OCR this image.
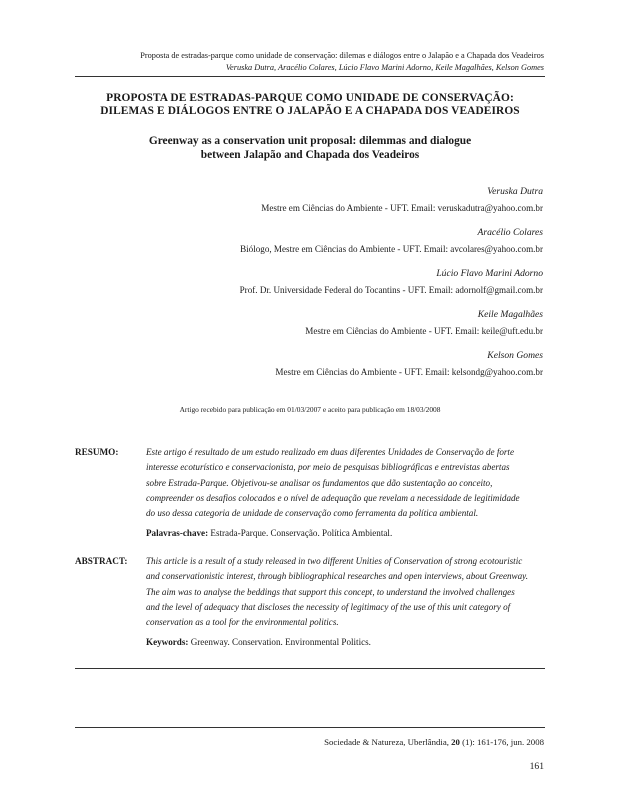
Proposta de estradas-parque como unidade de conservação: dilemas e diálogos entre o Jalapão e a Chapada dos Veadeiros
Veruska Dutra, Aracélio Colares, Lúcio Flavo Marini Adorno, Keile Magalhães, Kelson Gomes
PROPOSTA DE ESTRADAS-PARQUE COMO UNIDADE DE CONSERVAÇÃO:
DILEMAS E DIÁLOGOS ENTRE O JALAPÃO E A CHAPADA DOS VEADEIROS
Greenway as a conservation unit proposal: dilemmas and dialogue
between Jalapão and Chapada dos Veadeiros
Veruska Dutra
Mestre em Ciências do Ambiente - UFT. Email: veruskadutra@yahoo.com.br
Aracélio Colares
Biólogo, Mestre em Ciências do Ambiente - UFT. Email: avcolares@yahoo.com.br
Lúcio Flavo Marini Adorno
Prof. Dr. Universidade Federal do Tocantins - UFT. Email: adornolf@gmail.com.br
Keile Magalhães
Mestre em Ciências do Ambiente - UFT. Email: keile@uft.edu.br
Kelson Gomes
Mestre em Ciências do Ambiente - UFT. Email: kelsondg@yahoo.com.br
Artigo recebido para publicação em 01/03/2007 e aceito para publicação em 18/03/2008
RESUMO:	Este artigo é resultado de um estudo realizado em duas diferentes Unidades de Conservação de forte
interesse ecoturístico e conservacionista, por meio de pesquisas bibliográficas e entrevistas abertas
sobre Estrada-Parque. Objetivou-se analisar os fundamentos que dão sustentação ao conceito,
compreender os desafios colocados e o nível de adequação que revelam a necessidade de legitimidade
do uso dessa categoria de unidade de conservação como ferramenta da política ambiental.
Palavras-chave: Estrada-Parque. Conservação. Política Ambiental.
ABSTRACT: This article is a result of a study released in two different Unities of Conservation of strong ecotouristic
and conservationistic interest, through bibliographical researches and open interviews, about Greenway.
The aim was to analyse the beddings that support this concept, to understand the involved challenges
and the level of adequacy that discloses the necessity of legitimacy of the use of this unit category of
conservation as a tool for the environmental politics.
Keywords: Greenway. Conservation. Environmental Politics.
Sociedade & Natureza, Uberlândia, 20 (1): 161-176, jun. 2008
161
